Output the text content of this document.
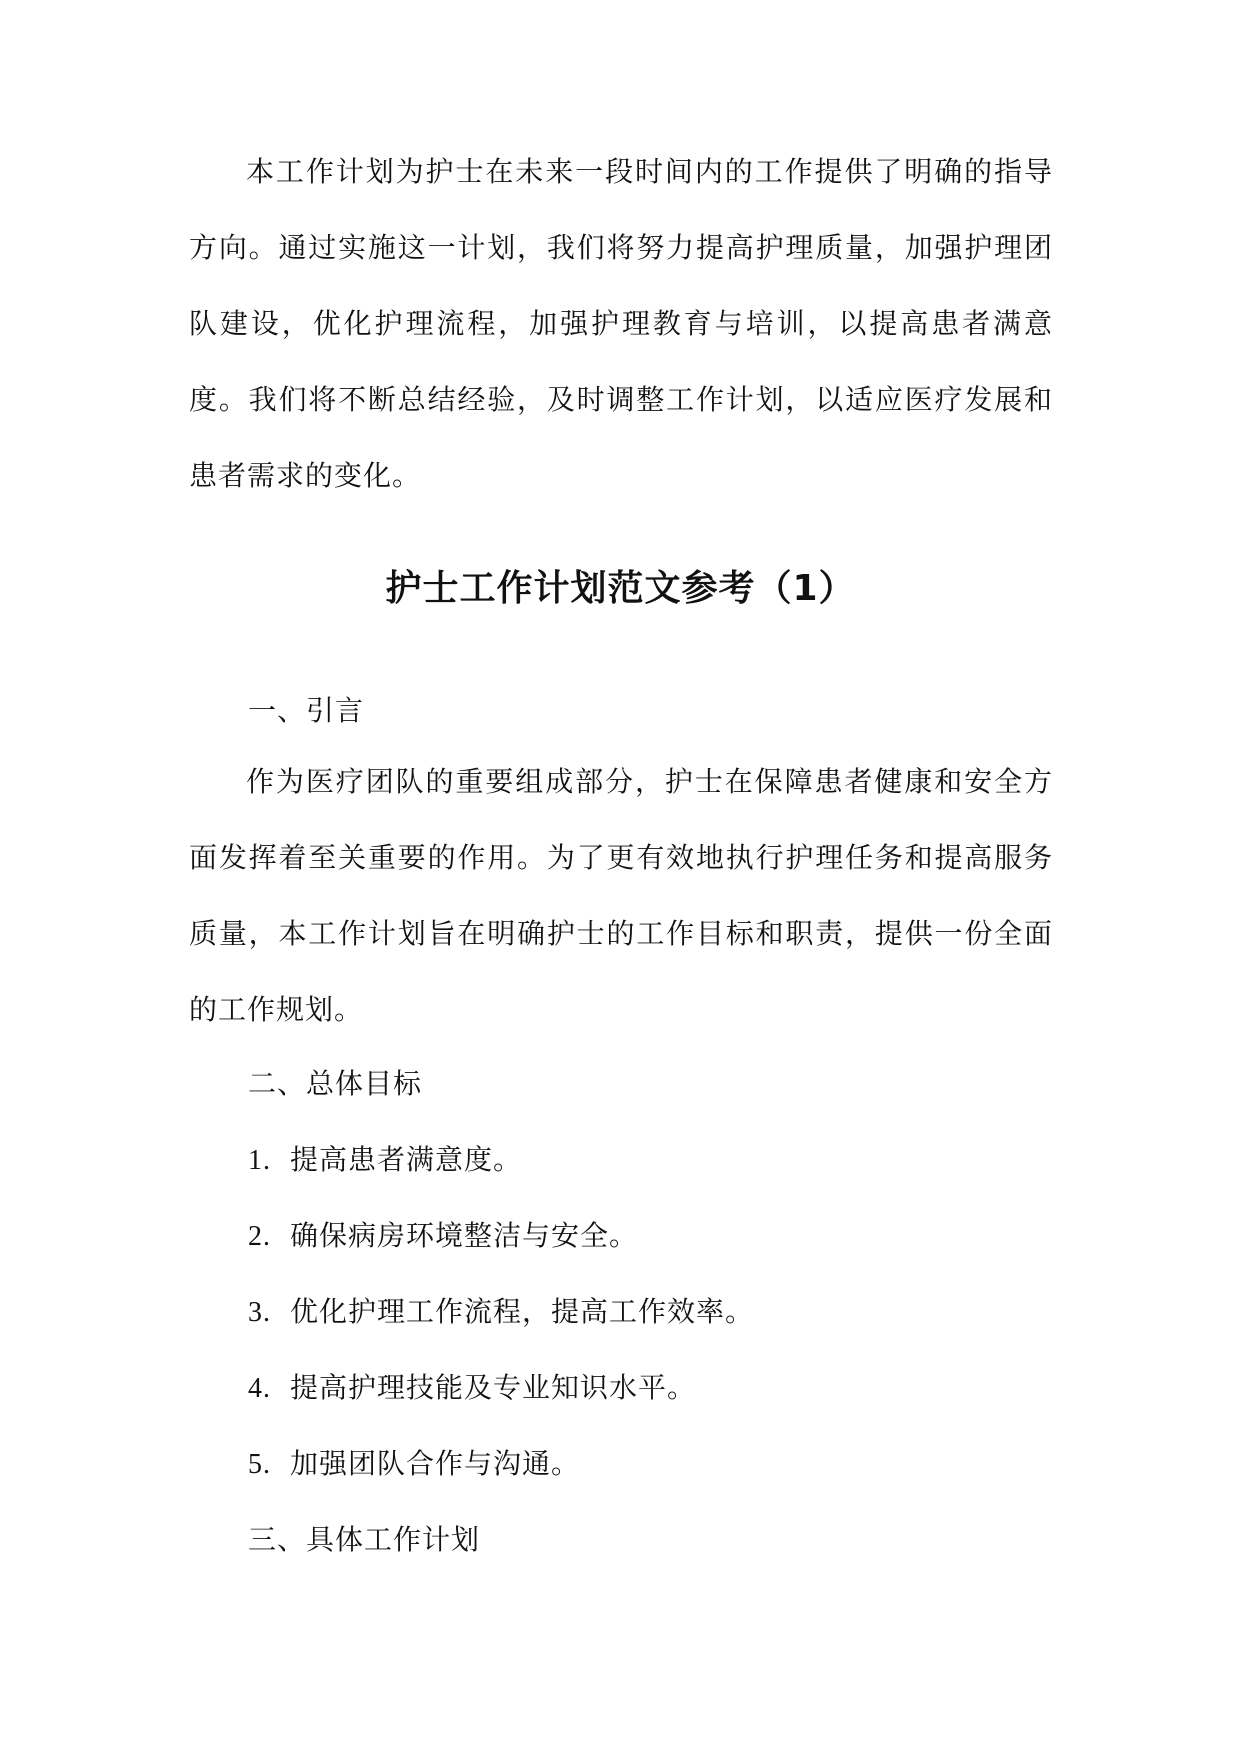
本工作计划为护士在未来一段时间内的工作提供了明确的指导方向。通过实施这一计划，我们将努力提高护理质量，加强护理团队建设，优化护理流程，加强护理教育与培训，以提高患者满意度。我们将不断总结经验，及时调整工作计划，以适应医疗发展和患者需求的变化。

护士工作计划范文参考（1）

一、引言

作为医疗团队的重要组成部分，护士在保障患者健康和安全方面发挥着至关重要的作用。为了更有效地执行护理任务和提高服务质量，本工作计划旨在明确护士的工作目标和职责，提供一份全面的工作规划。

二、总体目标

1. 提高患者满意度。

2. 确保病房环境整洁与安全。

3. 优化护理工作流程，提高工作效率。

4. 提高护理技能及专业知识水平。

5. 加强团队合作与沟通。

三、具体工作计划
